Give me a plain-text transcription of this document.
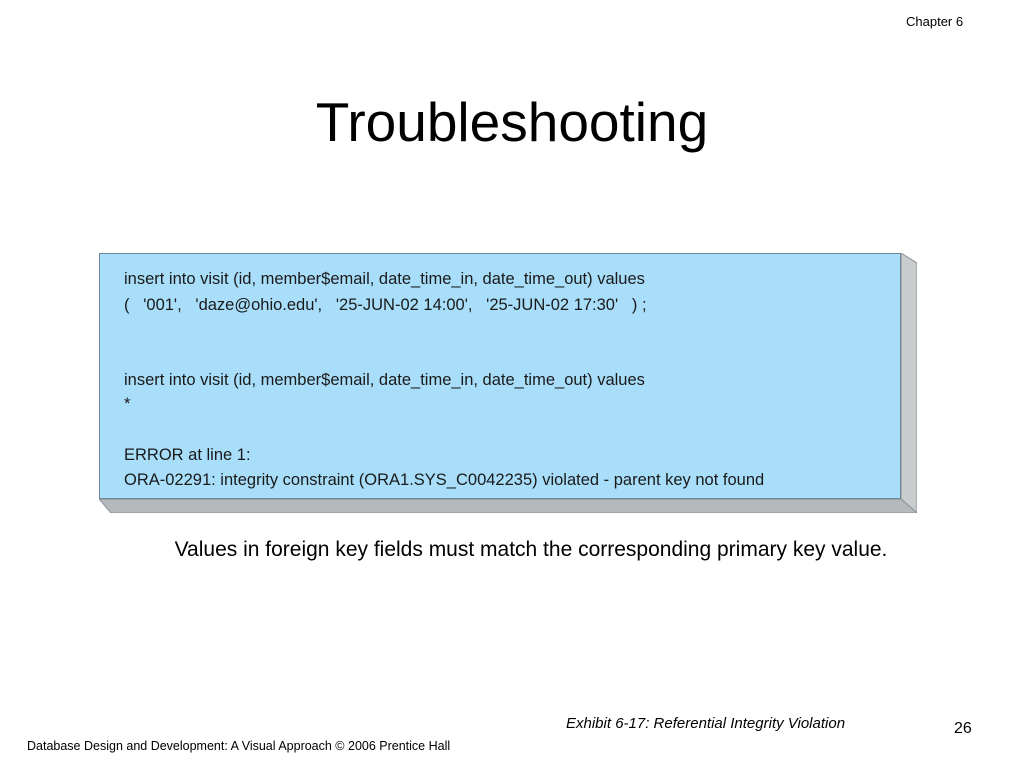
Chapter 6
Troubleshooting
insert into visit (id, member$email, date_time_in, date_time_out) values
(   '001',   'daze@ohio.edu',   '25-JUN-02 14:00',   '25-JUN-02 17:30'   ) ;
insert into visit (id, member$email, date_time_in, date_time_out) values
*
ERROR at line 1:
ORA-02291: integrity constraint (ORA1.SYS_C0042235) violated - parent key not found
Values in foreign key fields must match the corresponding primary key value.
Exhibit 6-17: Referential Integrity Violation	26
Database Design and Development: A Visual Approach © 2006 Prentice Hall
